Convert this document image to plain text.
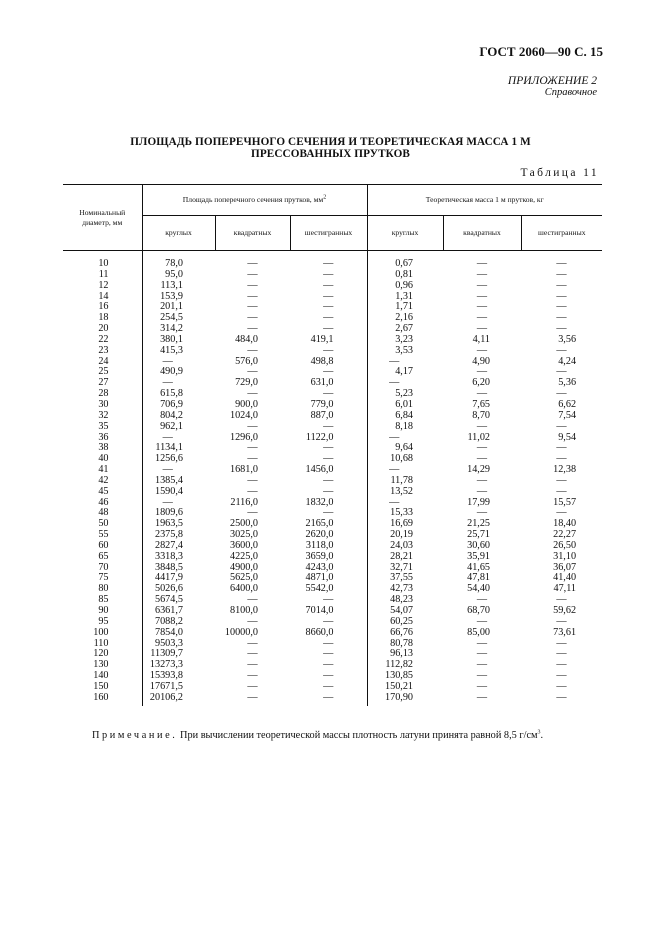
ГОСТ 2060—90 С. 15
ПРИЛОЖЕНИЕ 2
Справочное
ПЛОЩАДЬ ПОПЕРЕЧНОГО СЕЧЕНИЯ И ТЕОРЕТИЧЕСКАЯ МАССА 1 М
ПРЕССОВАННЫХ ПРУТКОВ
Таблица 11
Номинальный
диаметр, мм	Площадь поперечного сечения прутков, $мм^2$			Теоретическая масса 1 м прутков, кг		
	круглых	квадратных	шестигранных	круглых	квадратных	шестигранных
10	78,0	—	—	0,67	—	—
11	95,0	—	—	0,81	—	—
12	113,1	—	—	0,96	—	—
14	153,9	—	—	1,31	—	—
16	201,1	—	—	1,71	—	—
18	254,5	—	—	2,16	—	—
20	314,2	—	—	2,67	—	—
22	380,1	484,0	419,1	3,23	4,11	3,56
23	415,3	—	—	3,53	—	—
24	—	576,0	498,8	—	4,90	4,24
25	490,9	—	—	4,17	—	—
27	—	729,0	631,0	—	6,20	5,36
28	615,8	—	—	5,23	—	—
30	706,9	900,0	779,0	6,01	7,65	6,62
32	804,2	1024,0	887,0	6,84	8,70	7,54
35	962,1	—	—	8,18	—	—
36	—	1296,0	1122,0	—	11,02	9,54
38	1134,1	—	—	9,64	—	—
40	1256,6	—	—	10,68	—	—
41	—	1681,0	1456,0	—	14,29	12,38
42	1385,4	—	—	11,78	—	—
45	1590,4	—	—	13,52	—	—
46	—	2116,0	1832,0	—	17,99	15,57
48	1809,6	—	—	15,33	—	—
50	1963,5	2500,0	2165,0	16,69	21,25	18,40
55	2375,8	3025,0	2620,0	20,19	25,71	22,27
60	2827,4	3600,0	3118,0	24,03	30,60	26,50
65	3318,3	4225,0	3659,0	28,21	35,91	31,10
70	3848,5	4900,0	4243,0	32,71	41,65	36,07
75	4417,9	5625,0	4871,0	37,55	47,81	41,40
80	5026,6	6400,0	5542,0	42,73	54,40	47,11
85	5674,5	—	—	48,23	—	—
90	6361,7	8100,0	7014,0	54,07	68,70	59,62
95	7088,2	—	—	60,25	—	—
100	7854,0	10000,0	8660,0	66,76	85,00	73,61
110	9503,3	—	—	80,78	—	—
120	11309,7	—	—	96,13	—	—
130	13273,3	—	—	112,82	—	—
140	15393,8	—	—	130,85	—	—
150	17671,5	—	—	150,21	—	—
160	20106,2	—	—	170,90	—	—
Примечание. При вычислении теоретической массы плотность латуни принята равной 8,5 $г/см^3$.
